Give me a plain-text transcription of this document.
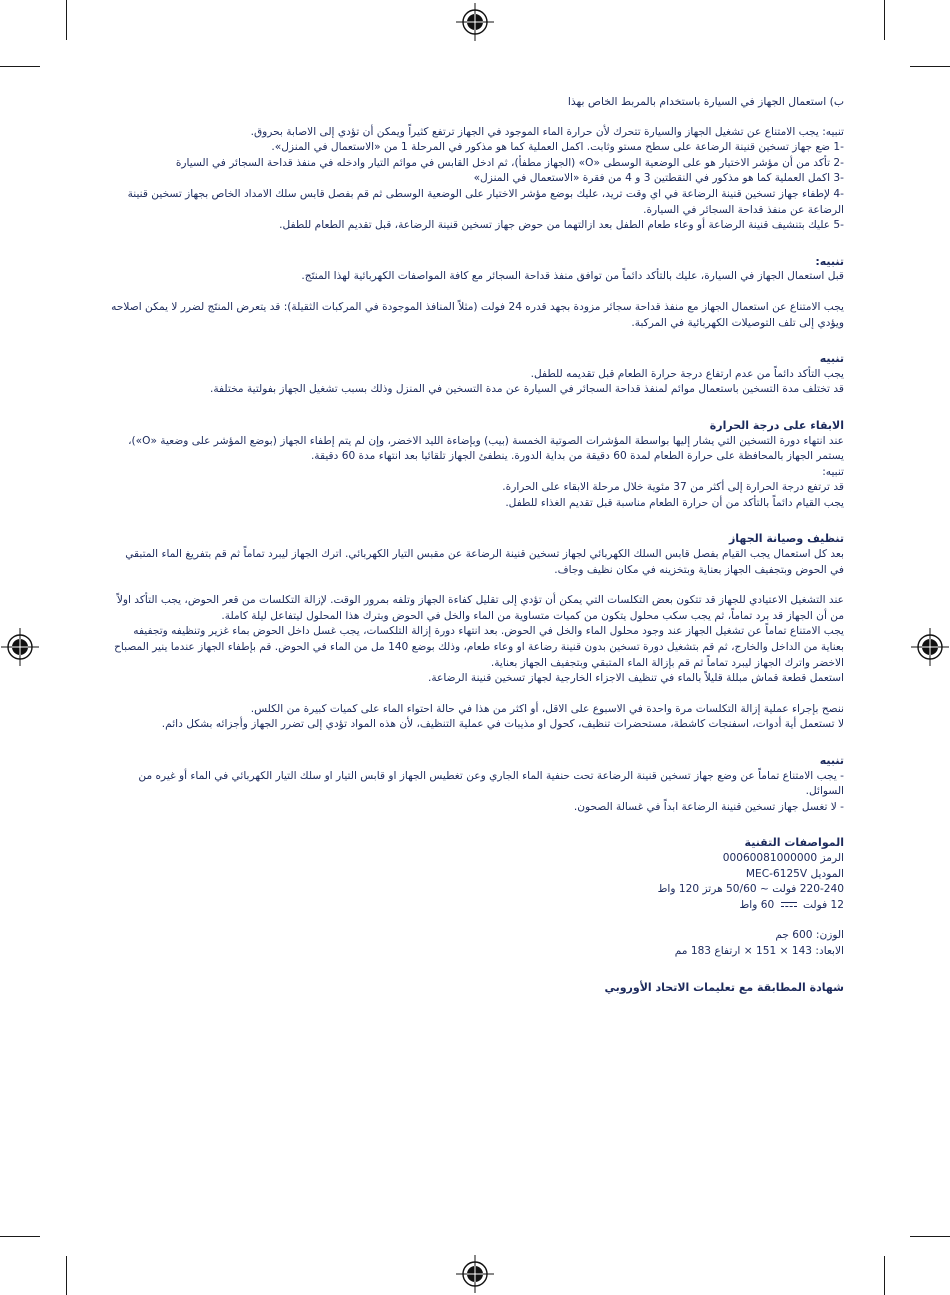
ب) استعمال الجهاز في السيارة باستخدام بالمربط الخاص بهذا

تنبيه: يجب الامتناع عن تشغيل الجهاز والسيارة تتحرك لأن حرارة الماء الموجود في الجهاز ترتفع كثيراً ويمكن أن تؤدي إلى الاصابة بحروق.

-1 ضع جهاز تسخين قنينة الرضاعة على سطح مستو وثابت. اكمل العملية كما هو مذكور في المرحلة 1 من «الاستعمال في المنزل».

-2 تأكد من أن مؤشر الاختيار هو على الوضعية الوسطى «O» (الجهاز مطفأ)، ثم ادخل القابس في موائم التيار وادخله في منفذ قداحة السجائر في السيارة

-3 اكمل العملية كما هو مذكور في النقطتين 3 و 4 من فقرة «الاستعمال في المنزل»

-4 لإطفاء جهاز تسخين قنينة الرضاعة في اي وقت تريد، عليك بوضع مؤشر الاختيار على الوضعية الوسطى ثم قم بفصل قابس سلك الامداد الخاص بجهاز تسخين قنينة الرضاعة عن منفذ قداحة السجائر في السيارة.

-5 عليك بتنشيف قنينة الرضاعة أو وعاء طعام الطفل بعد ازالتهما من حوض جهاز تسخين قنينة الرضاعة، قبل تقديم الطعام للطفل.

تنبيه:

قبل استعمال الجهاز في السيارة، عليك بالتأكد دائماً من توافق منفذ قداحة السجائر مع كافة المواصفات الكهربائية لهذا المنتَج.

يجب الامتناع عن استعمال الجهاز مع منفذ قداحة سجائر مزودة بجهد قدره 24 فولت (مثلاً المنافذ الموجودة في المركبات الثقيلة): قد يتعرض المنتَج لضرر لا يمكن اصلاحه ويؤدي إلى تلف التوصيلات الكهربائية في المركبة.

تنبيه

يجب التأكد دائماً من عدم ارتفاع درجة حرارة الطعام قبل تقديمه للطفل.

قد تختلف مدة التسخين باستعمال موائم لمنفذ قداحة السجائر في السيارة عن مدة التسخين في المنزل وذلك بسبب تشغيل الجهاز بفولتية مختلفة.

الابقاء على درجة الحرارة

عند انتهاء دورة التسخين التي يشار إليها بواسطة المؤشرات الصوتية الخمسة (بيب) وبإضاءة الليد الاخضر، وإن لم يتم إطفاء الجهاز (بوضع المؤشر على وضعية «O»)، يستمر الجهاز بالمحافظة على حرارة الطعام لمدة 60 دقيقة من بداية الدورة. ينطفئ الجهاز تلقائيا بعد انتهاء مدة 60 دقيقة.

تنبيه:

قد ترتفع درجة الحرارة إلى أكثر من 37 مئوية خلال مرحلة الابقاء على الحرارة.

يجب القيام دائماً بالتأكد من أن حرارة الطعام مناسبة قبل تقديم الغذاء للطفل.

تنظيف وصيانة الجهاز

بعد كل استعمال يجب القيام بفصل قابس السلك الكهربائي لجهاز تسخين قنينة الرضاعة عن مقبس التيار الكهربائي. اترك الجهاز ليبرد تماماً ثم قم بتفريغ الماء المتبقي في الحوض وبتجفيف الجهاز بعناية وبتخزينه في مكان نظيف وجاف.

عند التشغيل الاعتيادي للجهاز قد تتكون بعض التكلسات التي يمكن أن تؤدي إلى تقليل كفاءة الجهاز وتلفه بمرور الوقت. لإزالة التكلسات من قعر الحوض، يجب التأكد اولاً من أن الجهاز قد برد تماماً، ثم يجب سكب محلول يتكون من كميات متساوية من الماء والخل في الحوض وبترك هذا المحلول ليتفاعل ليلة كاملة.

يجب الامتناع تماماً عن تشغيل الجهاز عند وجود محلول الماء والخل في الحوض. بعد انتهاء دورة إزالة التلكسات، يجب غسل داخل الحوض بماء غزير وتنظيفه وتجفيفه بعناية من الداخل والخارج، ثم قم بتشغيل دورة تسخين بدون قنينة رضاعة او وعاء طعام، وذلك بوضع 140 مل من الماء في الحوض. قم بإطفاء الجهاز عندما ينير المصباح الاخضر واترك الجهاز ليبرد تماماً ثم قم بإزالة الماء المتبقي وبتجفيف الجهاز بعناية.

استعمل قطعة قماش مبللة قليلاً بالماء في تنظيف الاجزاء الخارجية لجهاز تسخين قنينة الرضاعة.

ننصح بإجراء عملية إزالة التكلسات مرة واحدة في الاسبوع على الاقل، أو اكثر من هذا في حالة احتواء الماء على كميات كبيرة من الكلس.

لا تستعمل أية أدوات، اسفنجات كاشطة، مستحضرات تنظيف، كحول او مذيبات في عملية التنظيف، لأن هذه المواد تؤدي إلى تضرر الجهاز وأجزائه بشكل دائم.

تنبيه

- يجب الامتناع تماماً عن وضع جهاز تسخين قنينة الرضاعة تحت حنفية الماء الجاري وعن تغطيس الجهاز او قابس التيار او سلك التيار الكهربائي في الماء أو غيره من السوائل.

- لا تغسل جهاز تسخين قنينة الرضاعة ابداً في غسالة الصحون.

المواصفات التقنية

الرمز 00060081000000

الموديل MEC-6125V

220-240 فولت ~ 50/60 هرتز 120 واط

12 فولت  60 واط

الوزن: 600 جم

الابعاد: 143 × 151 × ارتفاع 183 مم

شهادة المطابقة مع تعليمات الاتحاد الأوروبي
